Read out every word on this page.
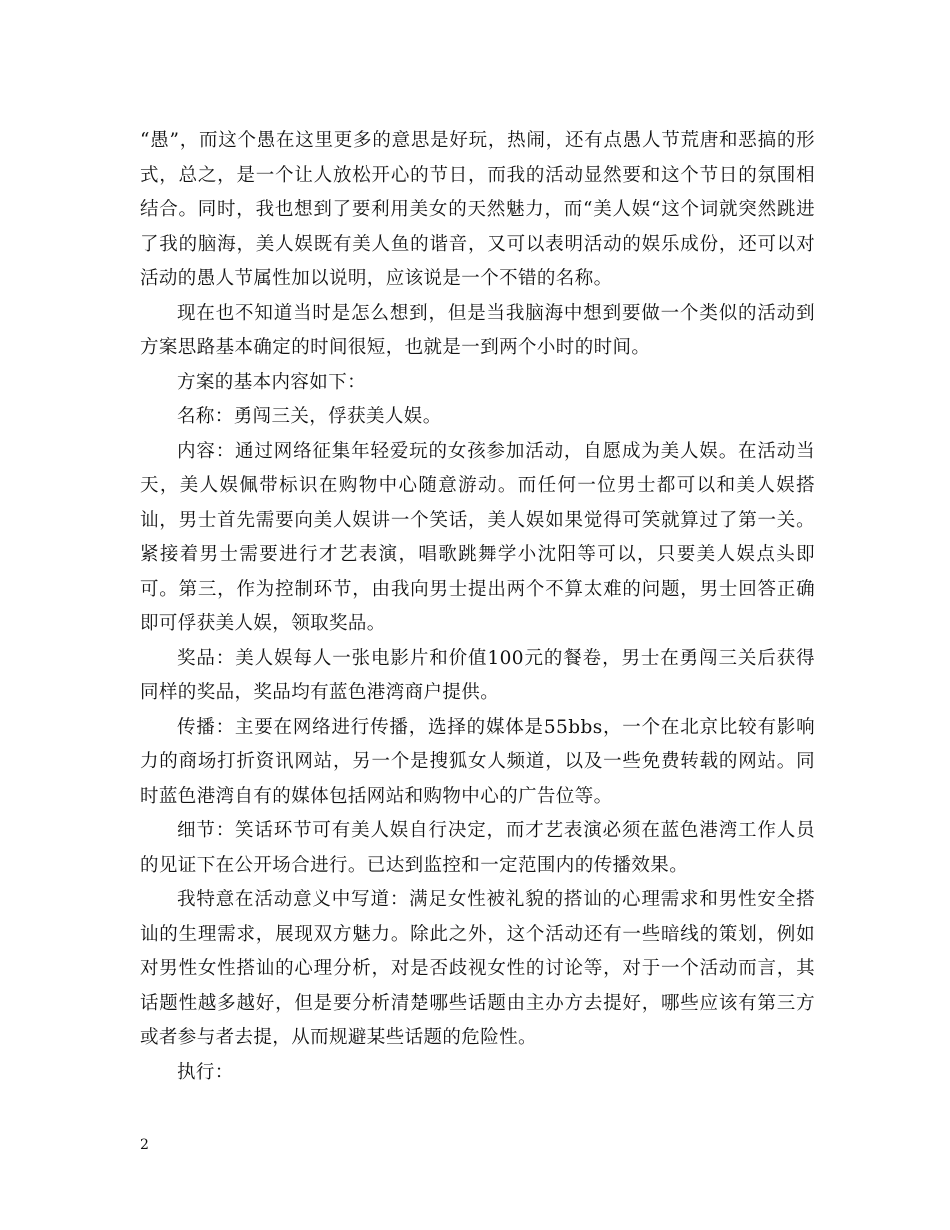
“愚”，而这个愚在这里更多的意思是好玩，热闹，还有点愚人节荒唐和恶搞的形式，总之，是一个让人放松开心的节日，而我的活动显然要和这个节日的氛围相结合。同时，我也想到了要利用美女的天然魅力，而“美人娱“这个词就突然跳进了我的脑海，美人娱既有美人鱼的谐音，又可以表明活动的娱乐成份，还可以对活动的愚人节属性加以说明，应该说是一个不错的名称。

现在也不知道当时是怎么想到，但是当我脑海中想到要做一个类似的活动到方案思路基本确定的时间很短，也就是一到两个小时的时间。

方案的基本内容如下：

名称：勇闯三关，俘获美人娱。

内容：通过网络征集年轻爱玩的女孩参加活动，自愿成为美人娱。在活动当天，美人娱佩带标识在购物中心随意游动。而任何一位男士都可以和美人娱搭讪，男士首先需要向美人娱讲一个笑话，美人娱如果觉得可笑就算过了第一关。紧接着男士需要进行才艺表演，唱歌跳舞学小沈阳等可以，只要美人娱点头即可。第三，作为控制环节，由我向男士提出两个不算太难的问题，男士回答正确即可俘获美人娱，领取奖品。

奖品：美人娱每人一张电影片和价值100元的餐卷，男士在勇闯三关后获得同样的奖品，奖品均有蓝色港湾商户提供。

传播：主要在网络进行传播，选择的媒体是55bbs，一个在北京比较有影响力的商场打折资讯网站，另一个是搜狐女人频道，以及一些免费转载的网站。同时蓝色港湾自有的媒体包括网站和购物中心的广告位等。

细节：笑话环节可有美人娱自行决定，而才艺表演必须在蓝色港湾工作人员的见证下在公开场合进行。已达到监控和一定范围内的传播效果。

我特意在活动意义中写道：满足女性被礼貌的搭讪的心理需求和男性安全搭讪的生理需求，展现双方魅力。除此之外，这个活动还有一些暗线的策划，例如对男性女性搭讪的心理分析，对是否歧视女性的讨论等，对于一个活动而言，其话题性越多越好，但是要分析清楚哪些话题由主办方去提好，哪些应该有第三方或者参与者去提，从而规避某些话题的危险性。

执行：

2
